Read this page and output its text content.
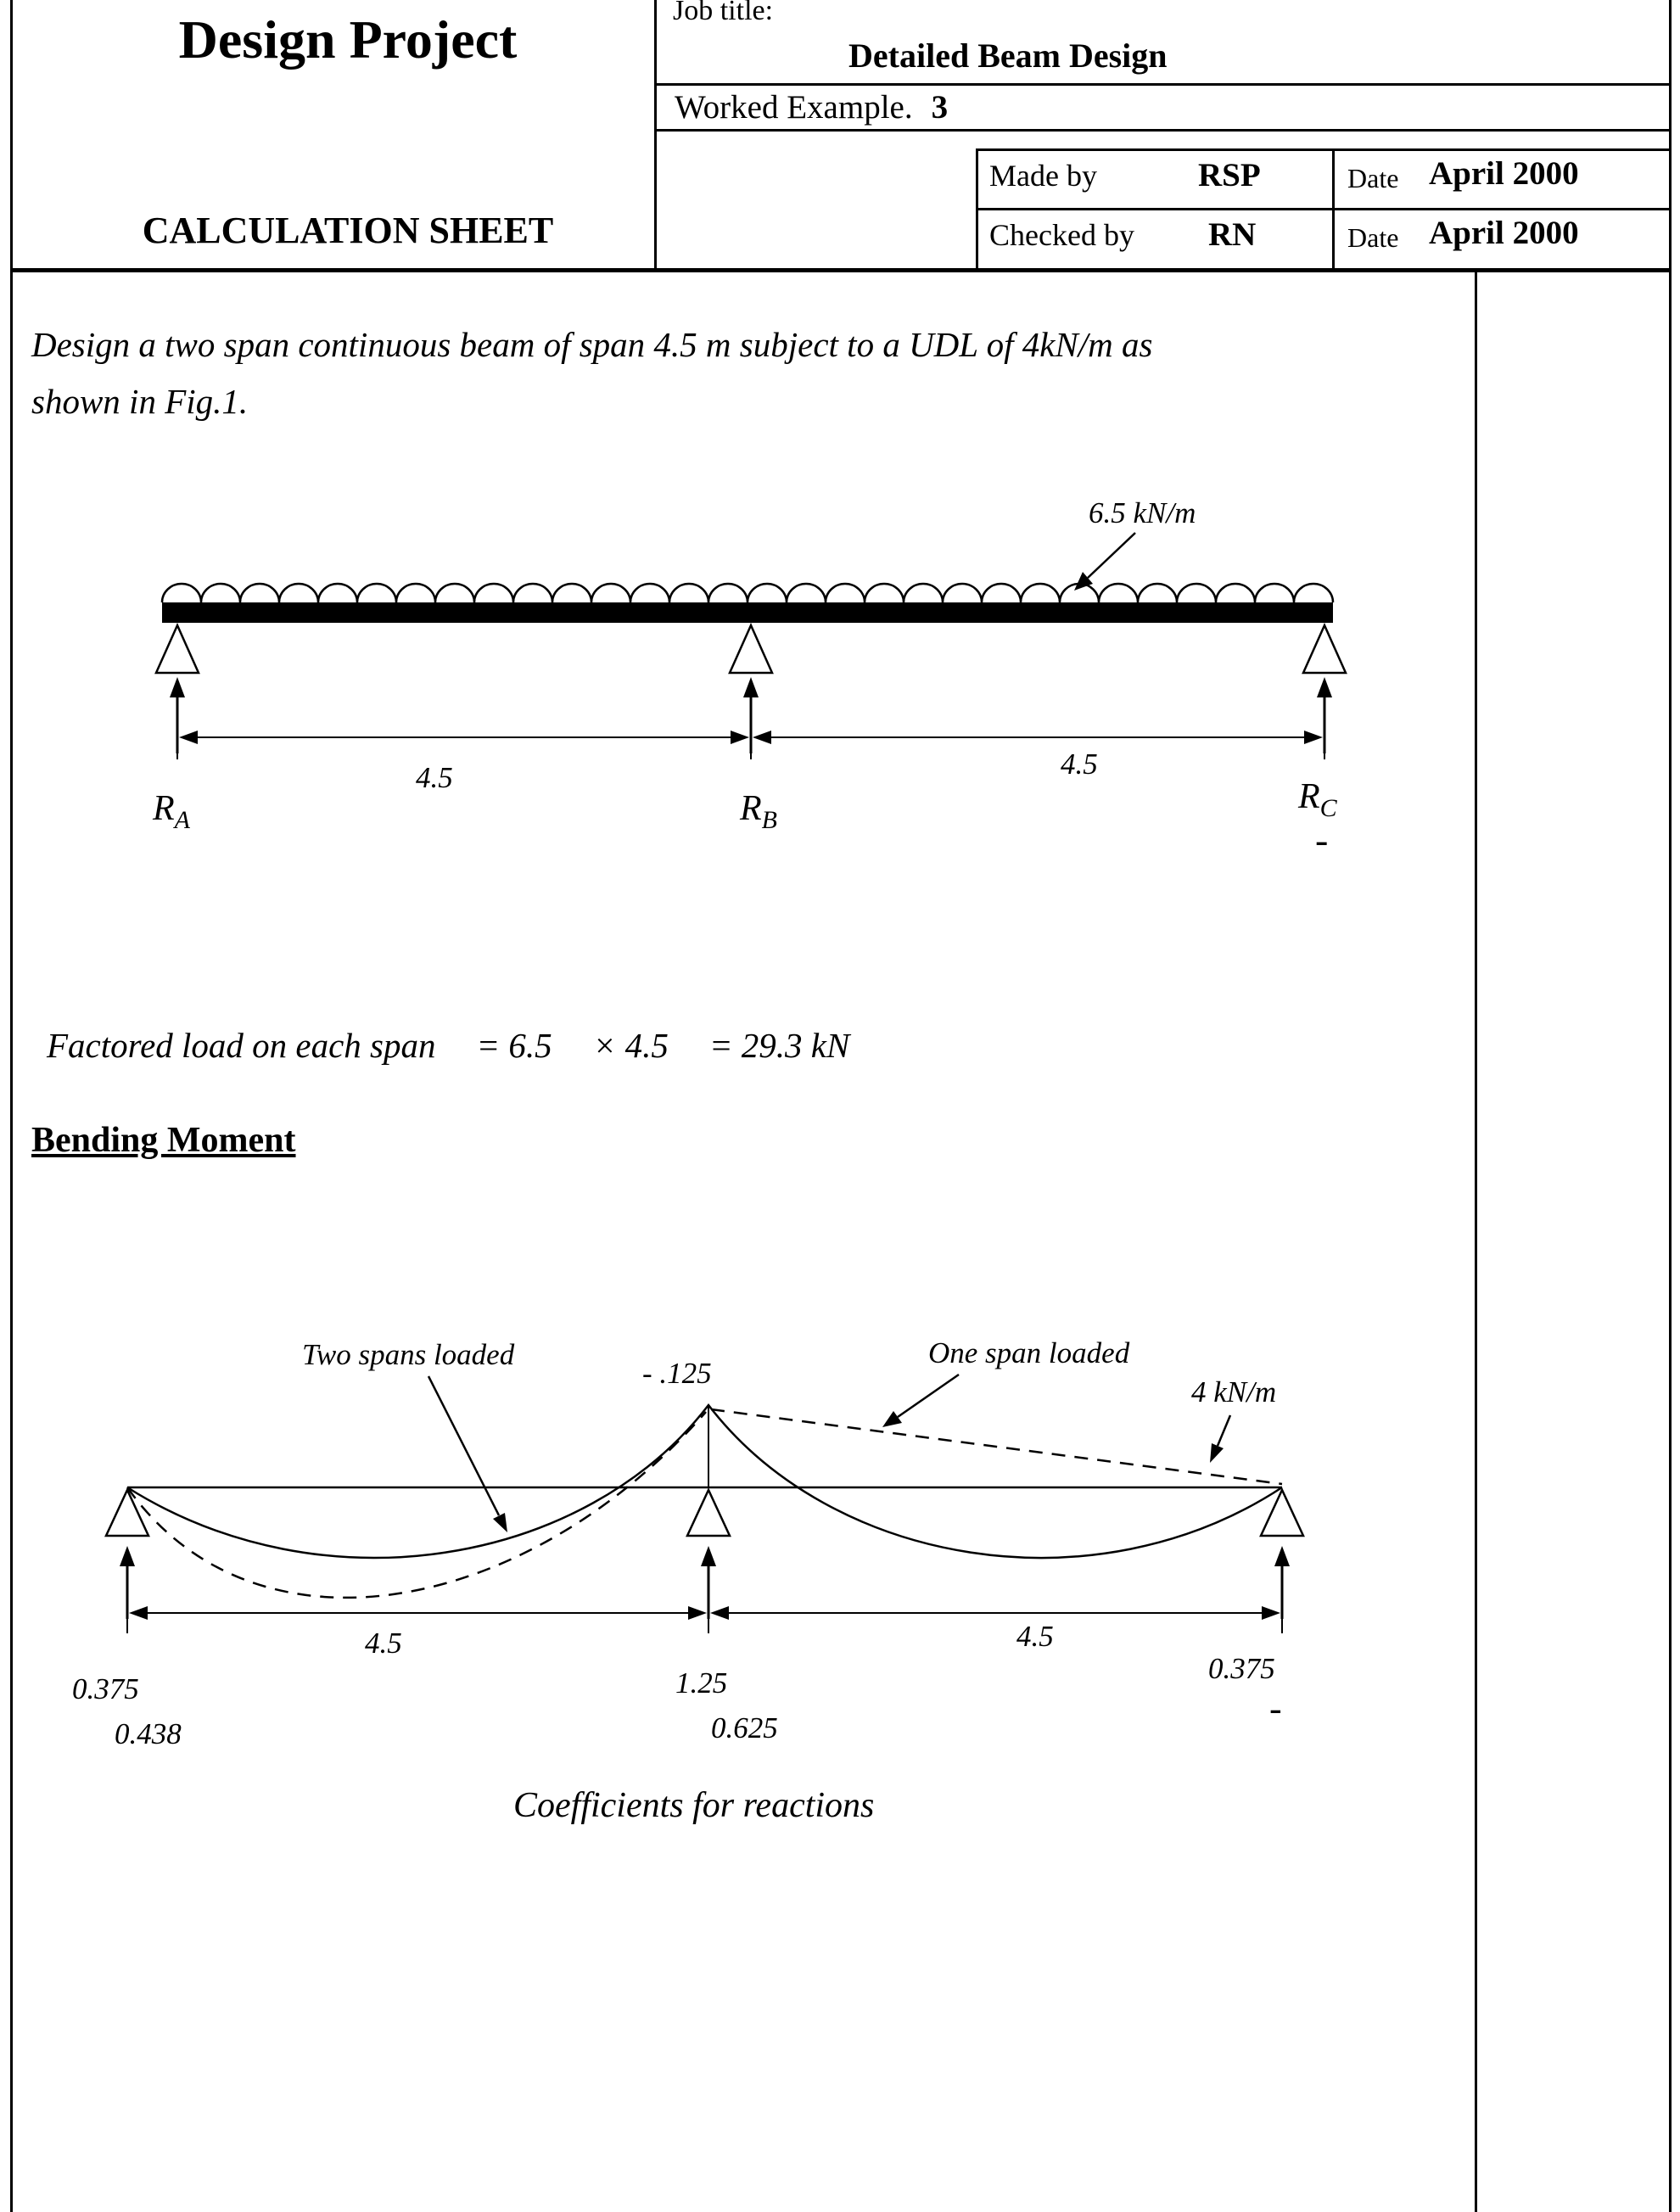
Design Project
CALCULATION SHEET
Job title:
Detailed Beam Design
Worked Example. 3
Made by	RSP	Date April 2000
Checked by RN	Date April 2000
Design a two span continuous beam of span 4.5 m subject to a UDL of 4kN/m as
shown in Fig.1.
6.5 kN/m
4.5	4.5
$R_A$	$R_B$
$R_C$
-
Factored load on each span = 6.5 × 4.5 = 29.3 kN
Bending Moment
Two spans loaded
- .125
One span loaded
4 kN/m
4.5	4.5
0.375
0.438
1.25
0.625
0.375
-
Coefficients for reactions
